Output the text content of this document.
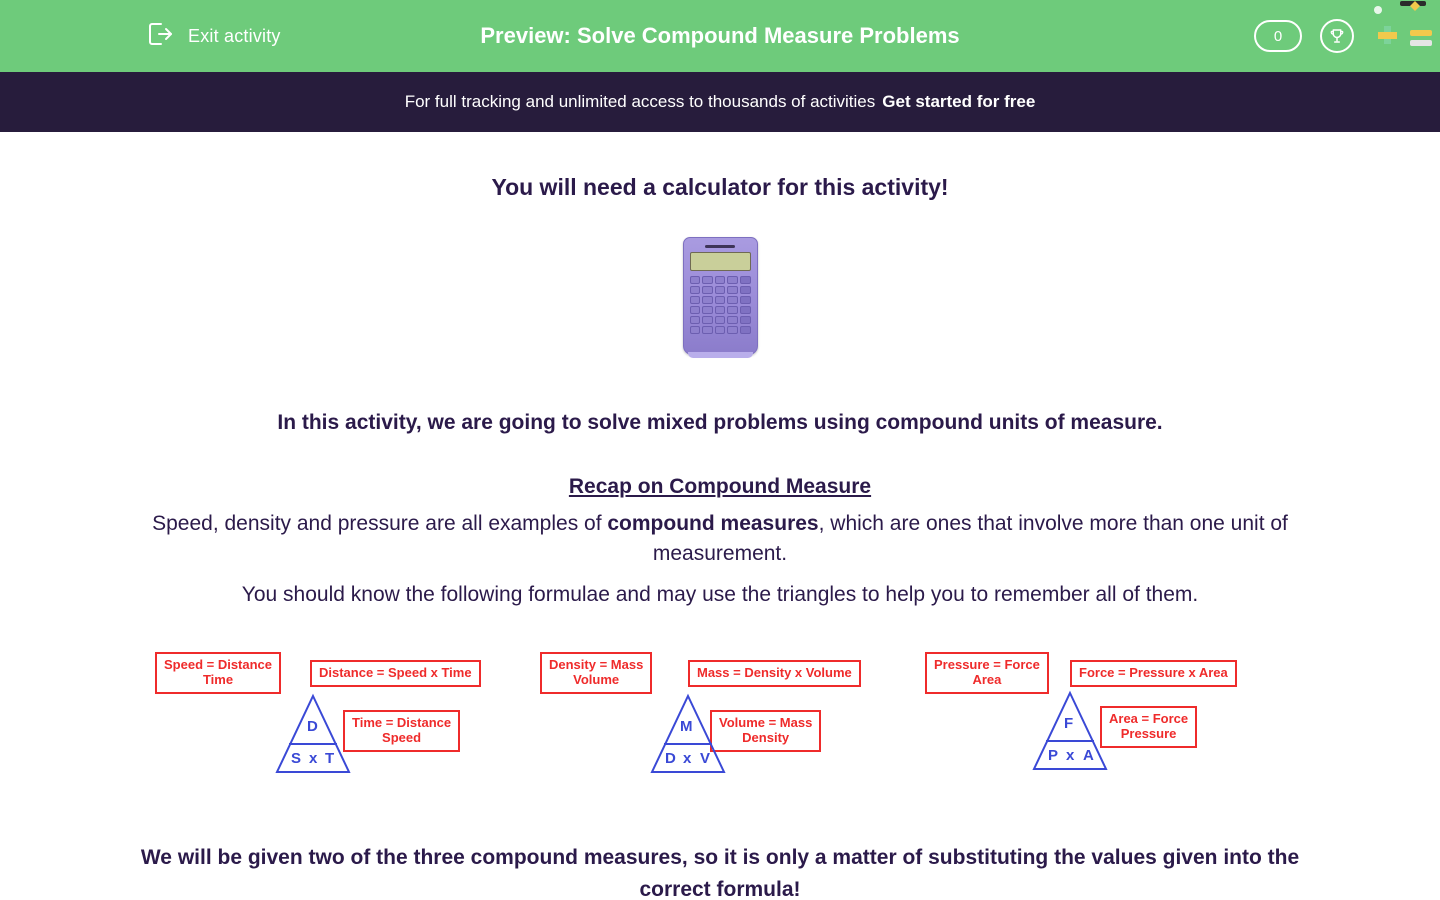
Exit activity	Preview: Solve Compound Measure Problems	0
For full tracking and unlimited access to thousands of activities Get started for free
You will need a calculator for this activity!
In this activity, we are going to solve mixed problems using compound units of measure.
Recap on Compound Measure
Speed, density and pressure are all examples of compound measures, which are ones that involve more than one unit of measurement.
You should know the following formulae and may use the triangles to help you to remember all of them.
Speed = Distance
Time	Distance = Speed x Time
Time = Distance
Speed
D
S x T
Density = Mass
Volume	Mass = Density x Volume
Volume = Mass
Density
M
D x V
Pressure = Force
Area	Force = Pressure x Area
Area = Force
Pressure
F
P x A
We will be given two of the three compound measures, so it is only a matter of substituting the values given into the correct formula!
